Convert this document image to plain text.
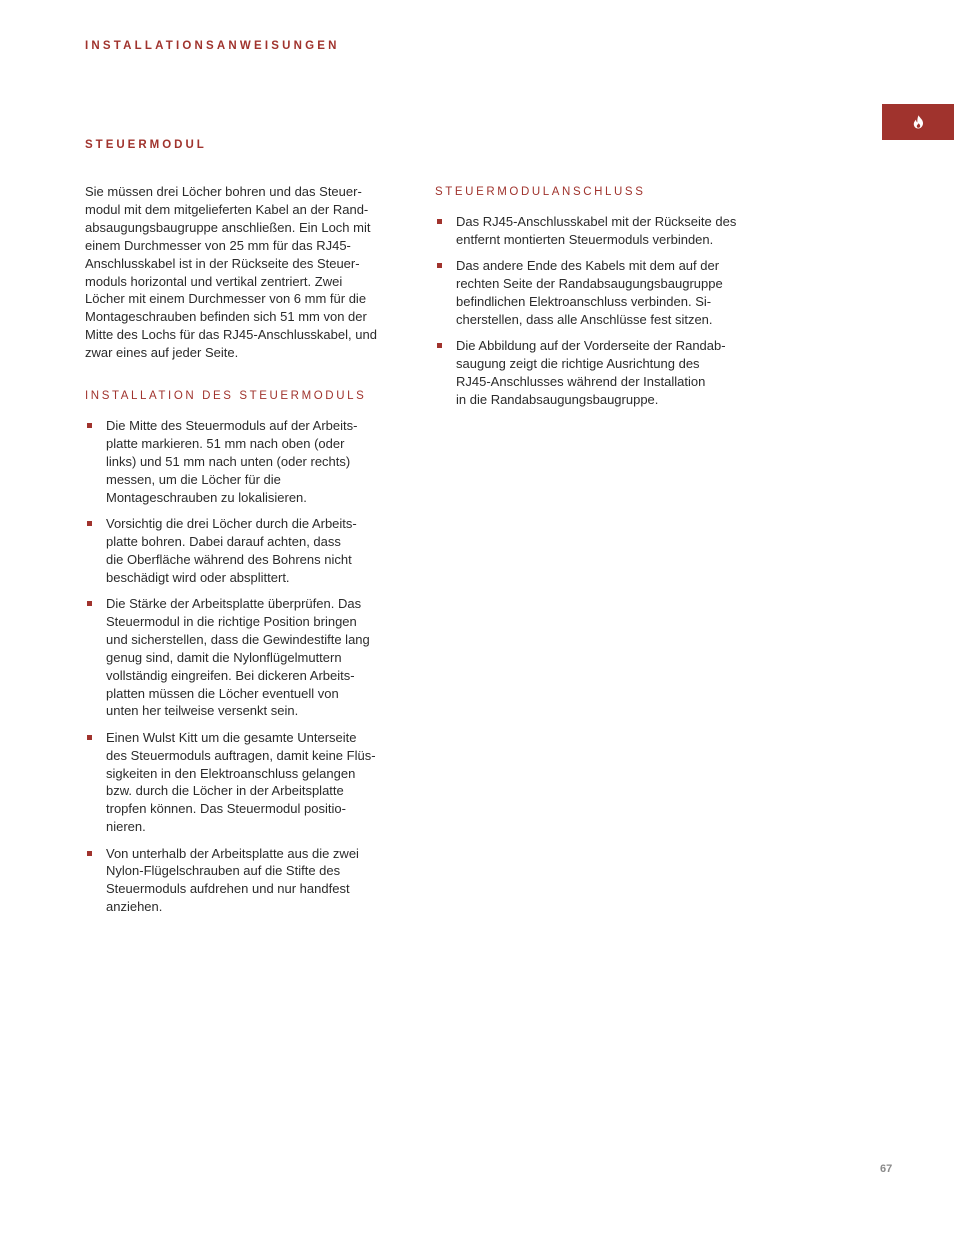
INSTALLATIONSANWEISUNGEN
STEUERMODUL

Sie müssen drei Löcher bohren und das Steuer-
modul mit dem mitgelieferten Kabel an der Rand-
absaugungsbaugruppe anschließen. Ein Loch mit
einem Durchmesser von 25 mm für das RJ45-
Anschlusskabel ist in der Rückseite des Steuer-
moduls horizontal und vertikal zentriert. Zwei
Löcher mit einem Durchmesser von 6 mm für die
Montageschrauben befinden sich 51 mm von der
Mitte des Lochs für das RJ45-Anschlusskabel, und
zwar eines auf jeder Seite.

INSTALLATION DES STEUERMODULS
Die Mitte des Steuermoduls auf der Arbeits-
platte markieren. 51 mm nach oben (oder
links) und 51 mm nach unten (oder rechts)
messen, um die Löcher für die
Montageschrauben zu lokalisieren.
Vorsichtig die drei Löcher durch die Arbeits-
platte bohren. Dabei darauf achten, dass
die Oberfläche während des Bohrens nicht
beschädigt wird oder absplittert.
Die Stärke der Arbeitsplatte überprüfen. Das
Steuermodul in die richtige Position bringen
und sicherstellen, dass die Gewindestifte lang
genug sind, damit die Nylonflügelmuttern
vollständig eingreifen. Bei dickeren Arbeits-
platten müssen die Löcher eventuell von
unten her teilweise versenkt sein.
Einen Wulst Kitt um die gesamte Unterseite
des Steuermoduls auftragen, damit keine Flüs-
sigkeiten in den Elektroanschluss gelangen
bzw. durch die Löcher in der Arbeitsplatte
tropfen können. Das Steuermodul positio-
nieren.
Von unterhalb der Arbeitsplatte aus die zwei
Nylon-Flügelschrauben auf die Stifte des
Steuermoduls aufdrehen und nur handfest
anziehen.
STEUERMODULANSCHLUSS
Das RJ45-Anschlusskabel mit der Rückseite des
entfernt montierten Steuermoduls verbinden.
Das andere Ende des Kabels mit dem auf der
rechten Seite der Randabsaugungsbaugruppe
befindlichen Elektroanschluss verbinden. Si-
cherstellen, dass alle Anschlüsse fest sitzen.
Die Abbildung auf der Vorderseite der Randab-
saugung zeigt die richtige Ausrichtung des
RJ45-Anschlusses während der Installation
in die Randabsaugungsbaugruppe.
67
